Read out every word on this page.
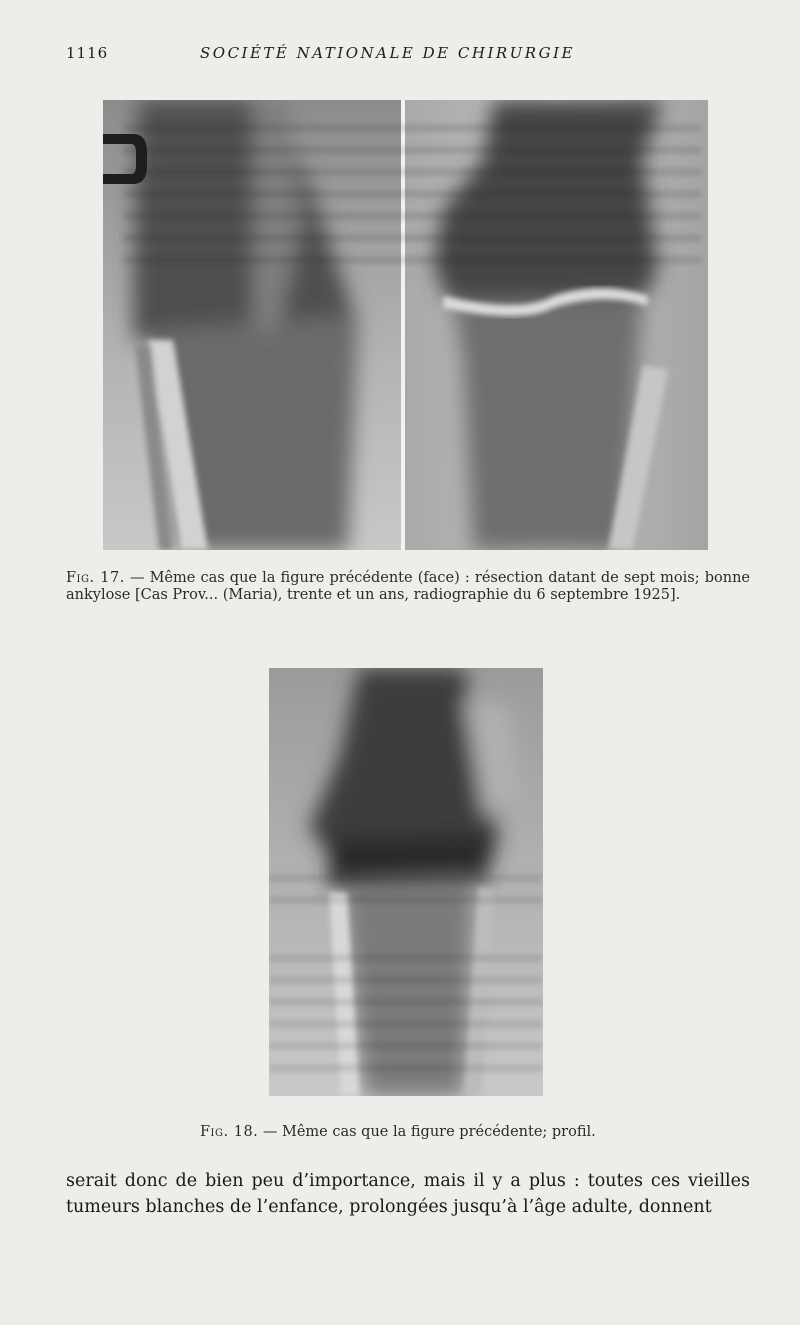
1116	SOCIÉTÉ NATIONALE DE CHIRURGIE
Fig. 17. — Même cas que la figure précédente (face) : résection datant de sept mois; bonne ankylose [Cas Prov... (Maria), trente et un ans, radiographie du 6 septembre 1925].
Fig. 18. — Même cas que la figure précédente; profil.
serait donc de bien peu d’importance, mais il y a plus : toutes ces vieilles tumeurs blanches de l’enfance, prolongées jusqu’à l’âge adulte, donnent
